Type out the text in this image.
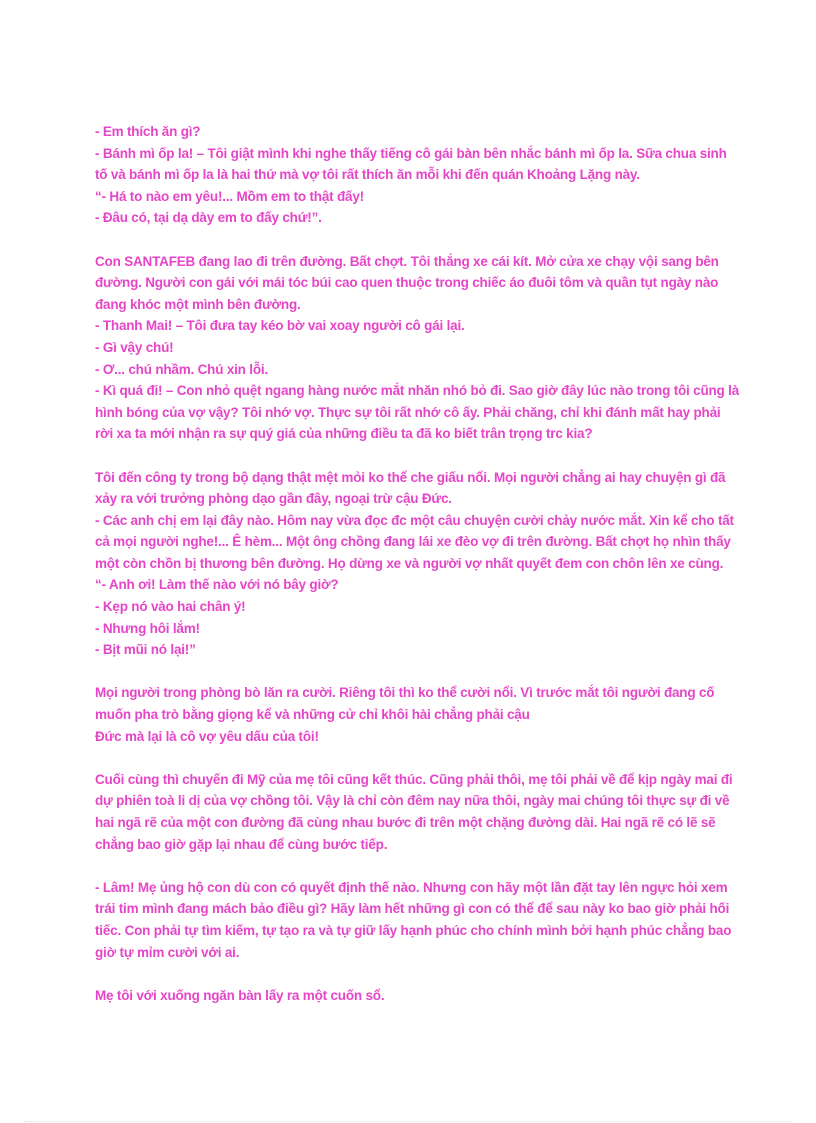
- Em thích ăn gì?
- Bánh mì ốp la! – Tôi giật mình khi nghe thấy tiếng cô gái bàn bên nhắc bánh mì ốp la. Sữa chua sinh
tố và bánh mì ốp la là hai thứ mà vợ tôi rất thích ăn mỗi khi đến quán Khoảng Lặng này.
“- Há to nào em yêu!... Mồm em to thật đấy!
- Đâu có, tại dạ dày em to đấy chứ!”.
Con SANTAFEB đang lao đi trên đường. Bất chợt. Tôi thắng xe cái kít. Mở cửa xe chạy vội sang bên
đường. Người con gái với mái tóc búi cao quen thuộc trong chiếc áo đuôi tôm và quần tụt ngày nào
đang khóc một mình bên đường.
- Thanh Mai! – Tôi đưa tay kéo bờ vai xoay người cô gái lại.
- Gì vậy chú!
- Ơ... chú nhầm. Chú xin lỗi.
- Kì quá đi! – Con nhỏ quệt ngang hàng nước mắt nhăn nhó bỏ đi. Sao giờ đây lúc nào trong tôi cũng là
hình bóng của vợ vậy? Tôi nhớ vợ. Thực sự tôi rất nhớ cô ấy. Phải chăng, chỉ khi đánh mất hay phải
rời xa ta mới nhận ra sự quý giá của những điều ta đã ko biết trân trọng trc kia?
Tôi đến công ty trong bộ dạng thật mệt mỏi ko thể che giấu nổi. Mọi người chẳng ai hay chuyện gì đã
xảy ra với trưởng phòng dạo gần đây, ngoại trừ cậu Đức.
- Các anh chị em lại đây nào. Hôm nay vừa đọc đc một câu chuyện cười chảy nước mắt. Xin kể cho tất
cả mọi người nghe!... Ê hèm... Một ông chồng đang lái xe đèo vợ đi trên đường. Bất chợt họ nhìn thấy
một còn chồn bị thương bên đường. Họ dừng xe và người vợ nhất quyết đem con chôn lên xe cùng.
“- Anh ơi! Làm thế nào với nó bây giờ?
- Kẹp nó vào hai chân ý!
- Nhưng hôi lắm!
- Bịt mũi nó lại!”
Mọi người trong phòng bò lăn ra cười. Riêng tôi thì ko thể cười nổi. Vì trước mắt tôi người đang cố
muốn pha trò bằng giọng kể và những cử chỉ khôi hài chẳng phải cậu
Đức mà lại là cô vợ yêu dấu của tôi!
Cuối cùng thì chuyến đi Mỹ của mẹ tôi cũng kết thúc. Cũng phải thôi, mẹ tôi phải về để kịp ngày mai đi
dự phiên toà li dị của vợ chồng tôi. Vậy là chỉ còn đêm nay nữa thôi, ngày mai chúng tôi thực sự đi về
hai ngã rẽ của một con đường đã cùng nhau bước đi trên một chặng đường dài. Hai ngã rẽ có lẽ sẽ
chẳng bao giờ gặp lại nhau để cùng bước tiếp.
- Lâm! Mẹ ủng hộ con dù con có quyết định thế nào. Nhưng con hãy một lần đặt tay lên ngực hỏi xem
trái tim mình đang mách bảo điều gì? Hãy làm hết những gì con có thể để sau này ko bao giờ phải hối
tiếc. Con phải tự tìm kiếm, tự tạo ra và tự giữ lấy hạnh phúc cho chính mình bởi hạnh phúc chẳng bao
giờ tự mỉm cười với ai.
Mẹ tôi với xuống ngăn bàn lấy ra một cuốn sổ.
